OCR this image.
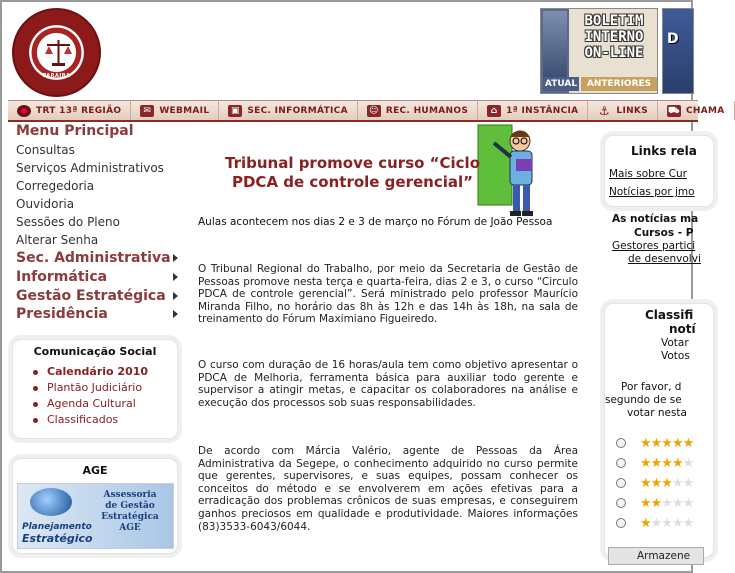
PARAIBA
BOLETIM
INTERNO
ON-LINE
ATUAL	ANTERIORES
D
TRT 13ª REGIÃO	✉ WEBMAIL ▣ SEC. INFORMÁTICA ☺ REC. HUMANOS	⌂ 1ª INSTÂNCIA ⚓ LINKS ⛟ CHAMA
Menu Principal
Consultas
Serviços Administrativos
Corregedoria
Ouvidoria
Sessões do Pleno
Alterar Senha
Sec. Administrativa
Informática
Gestão Estratégica
Presidência
Comunicação Social
Calendário 2010
Plantão Judiciário
Agenda Cultural
Classificados
AGE
Planejamento
Estratégico
Assessoria
de Gestão
Estratégica
AGE
Tribunal promove curso “Ciclo PDCA de controle gerencial”
Aulas acontecem nos dias 2 e 3 de março no Fórum de João Pessoa
O Tribunal Regional do Trabalho, por meio da Secretaria de Gestão de Pessoas promove nesta terça e quarta-feira, dias 2 e 3, o curso “Circulo PDCA de controle gerencial”. Será ministrado pelo professor Maurício Miranda Filho, no horário das 8h às 12h e das 14h às 18h, na sala de treinamento do Fórum Maximiano Figueiredo.
O curso com duração de 16 horas/aula tem como objetivo apresentar o PDCA de Melhoria, ferramenta básica para auxiliar todo gerente e supervisor a atingir metas, e capacitar os colaboradores na análise e execução dos processos sob suas responsabilidades.
De acordo com Márcia Valério, agente de Pessoas da Área Administrativa da Segepe, o conhecimento adquirido no curso permite que gerentes, supervisores, e suas equipes, possam conhecer os conceitos do método e se envolverem em ações efetivas para a erradicação dos problemas crônicos de suas empresas, e conseguirem ganhos preciosos em qualidade e produtividade. Maiores informações (83)3533-6043/6044.
Links rela
Mais sobre Cur
Notícias por jmo
As notícias ma
Cursos - P
Gestores partici
de desenvolvi
Classifi
notí
Votar
Votos
Por favor, d
segundo de se
votar nesta
★★★★★
★★★★★
★★★★★
★★★★★
★★★★★
Armazene
